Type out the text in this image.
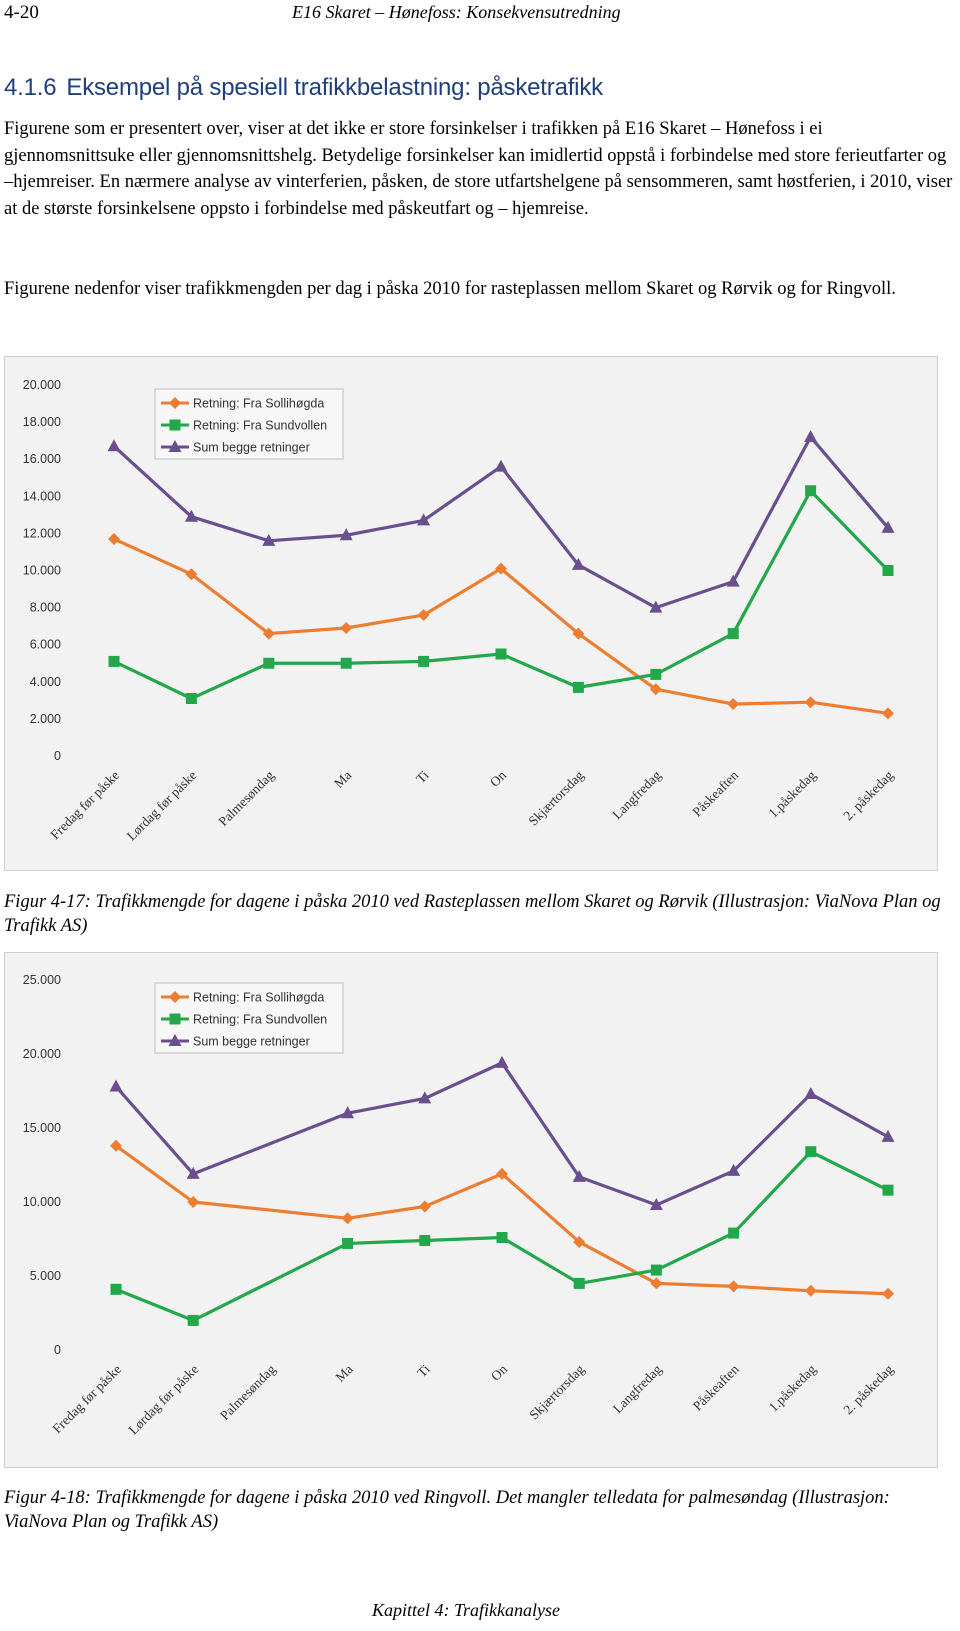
4-20	E16 Skaret – Hønefoss: Konsekvensutredning
4.1.6 Eksempel på spesiell trafikkbelastning: påsketrafikk

Figurene som er presentert over, viser at det ikke er store forsinkelser i trafikken på E16 Skaret – Hønefoss i ei gjennomsnittsuke eller gjennomsnittshelg. Betydelige forsinkelser kan imidlertid oppstå i forbindelse med store ferieutfarter og –hjemreiser. En nærmere analyse av vinterferien, påsken, de store utfartshelgene på sensommeren, samt høstferien, i 2010, viser at de største forsinkelsene oppsto i forbindelse med påskeutfart og – hjemreise.

Figurene nedenfor viser trafikkmengden per dag i påska 2010 for rasteplassen mellom Skaret og Rørvik og for Ringvoll.

0
2.000
4.000
6.000
8.000
10.000
12.000
14.000
16.000
18.000
20.000
Fredag før påske Lørdag før påske Palmesøndag	Ma	Ti	On Skjærtorsdag Langfredag Påskeaften 1.påskedag 2. påskedag
Retning: Fra Sollihøgda
Retning: Fra Sundvollen
Sum begge retninger

Figur 4-17: Trafikkmengde for dagene i påska 2010 ved Rasteplassen mellom Skaret og Rørvik (Illustrasjon: ViaNova Plan og Trafikk AS)

0
5.000
10.000
15.000
20.000
25.000
Fredag før påske Lørdag før påske Palmesøndag	Ma	Ti	On Skjærtorsdag Langfredag Påskeaften 1.påskedag 2. påskedag
Retning: Fra Sollihøgda
Retning: Fra Sundvollen
Sum begge retninger

Figur 4-18: Trafikkmengde for dagene i påska 2010 ved Ringvoll. Det mangler telledata for palmesøndag (Illustrasjon: ViaNova Plan og Trafikk AS)

Kapittel 4: Trafikkanalyse
